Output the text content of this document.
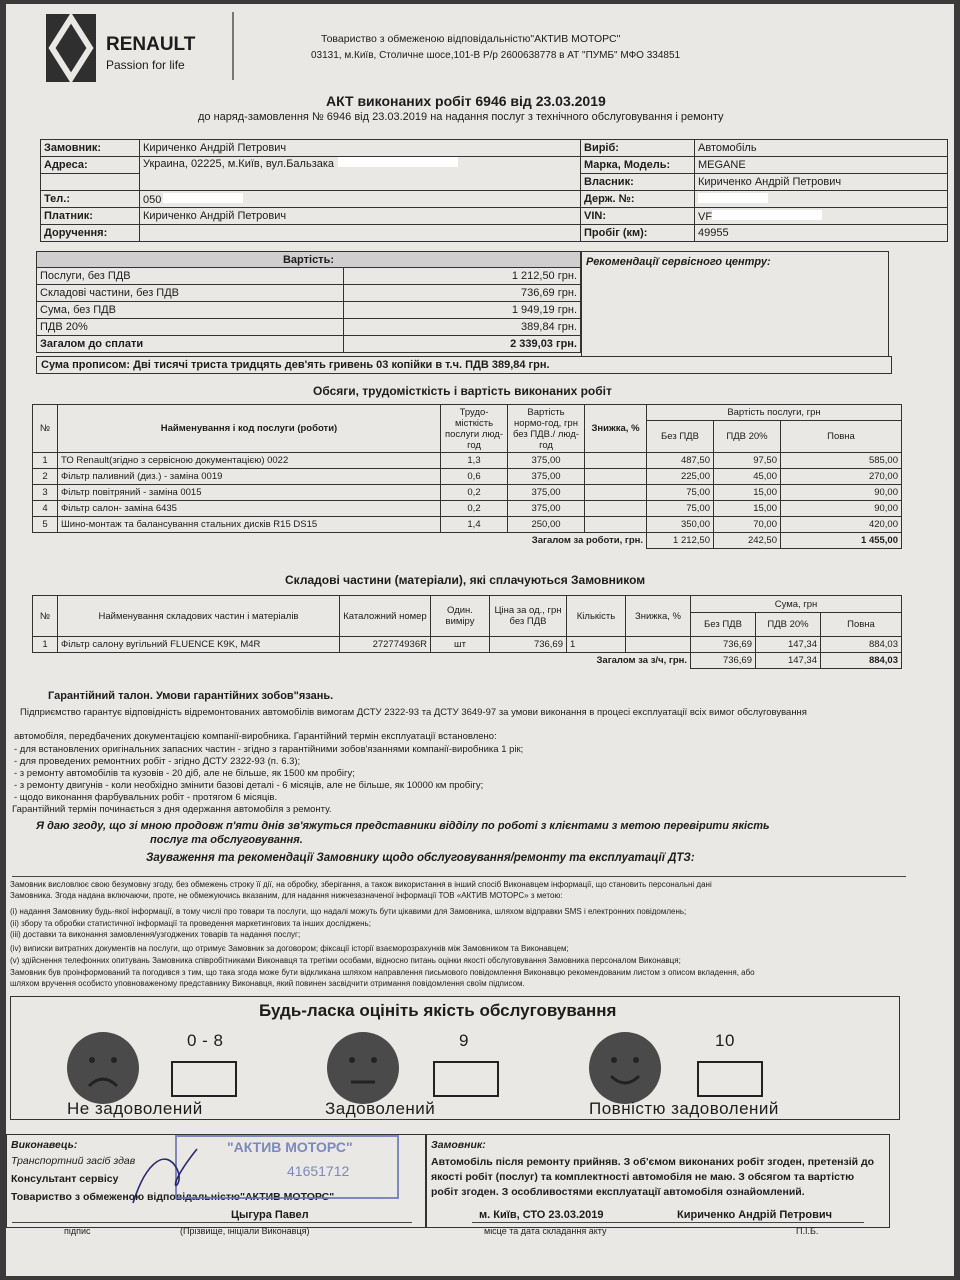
RENAULT
Passion for life
Товариство з обмеженою відповідальністю"АКТИВ МОТОРС"
03131, м.Київ, Столичне шосе,101-В Р/р 2600638778 в АТ "ПУМБ" МФО 334851
АКТ виконаних робіт 6946 від 23.03.2019
до наряд-замовлення № 6946 від 23.03.2019 на надання послуг з технічного обслуговування і ремонту
Замовник:	Кириченко Андрій Петрович	Виріб:	Автомобіль
Адреса:	Украина, 02225, м.Київ, вул.Бальзака	Марка, Модель:	MEGANE
		Власник:	Кириченко Андрій Петрович
Тел.:	050	Держ. №:	
Платник:	Кириченко Андрій Петрович	VIN:	VF
Доручення:		Пробіг (км):	49955
Вартість:	
Послуги, без ПДВ	1 212,50 грн.
Складові частини, без ПДВ	736,69 грн.
Сума, без ПДВ	1 949,19 грн.
ПДВ 20%	389,84 грн.
Загалом до сплати	2 339,03 грн.
Рекомендації сервісного центру:
Сума прописом: Дві тисячі триста тридцять дев'ять гривень 03 копійки в т.ч. ПДВ 389,84 грн.
Обсяги, трудомісткість і вартість виконаних робіт
№	Найменування і код послуги (роботи)	Трудо-місткість послуги люд-год	Вартість нормо-год, грн без ПДВ./ люд-год	Знижка, %	Вартість послуги, грн		
					Без ПДВ	ПДВ 20%	Повна

1	ТО Renault(згідно з сервісною документацією) 0022	1,3	375,00		487,50	97,50	585,00
2	Фільтр паливний (диз.) - заміна 0019	0,6	375,00		225,00	45,00	270,00
3	Фільтр повітряний - заміна 0015	0,2	375,00		75,00	15,00	90,00
4	Фільтр салон- заміна 6435	0,2	375,00		75,00	15,00	90,00
5	Шино-монтаж та балансування стальних дисків R15 DS15	1,4	250,00		350,00	70,00	420,00
Загалом за роботи, грн.					1 212,50	242,50	1 455,00
Складові частини (матеріали), які сплачуються Замовником
№	Найменування складових частин і матеріалів	Каталожний номер	Один. виміру	Ціна за од., грн без ПДВ	Кількість	Знижка, %	Сума, грн		
							Без ПДВ	ПДВ 20%	Повна
1	Фільтр салону вугільний FLUENCE K9K, M4R	272774936R	шт	736,69	1		736,69	147,34	884,03
Загалом за з/ч, грн.							736,69	147,34	884,03
Гарантійний талон. Умови гарантійних зобов"язань.
Підприємство гарантує відповідність відремонтованих автомобілів вимогам ДСТУ 2322-93 та ДСТУ 3649-97 за умови виконання в процесі експлуатації всіх вимог обслуговування
автомобіля, передбачених документацією компанії-виробника. Гарантійний термін експлуатації встановлено:
- для встановлених оригінальних запасних частин - згідно з гарантійними зобов'язаннями компанії-виробника 1 рік;
- для проведених ремонтних робіт - згідно ДСТУ 2322-93 (п. 6.3);
- з ремонту автомобілів та кузовів - 20 діб, але не більше, як 1500 км пробігу;
- з ремонту двигунів - коли необхідно змінити базові деталі - 6 місяців, але не більше, як 10000 км пробігу;
- щодо виконання фарбувальних робіт - протягом 6 місяців.
Гарантійний термін починається з дня одержання автомобіля з ремонту.
Я даю згоду, що зі мною продовж п'яти днів зв'яжуться представники відділу по роботі з клієнтами з метою перевірити якість
послуг та обслуговування.
Зауваження та рекомендації Замовнику щодо обслуговування/ремонту та експлуатації ДТЗ:
Замовник висловлює свою безумовну згоду, без обмежень строку її дії, на обробку, зберігання, а також використання в інший спосіб Виконавцем інформації, що становить персональні дані
Замовника. Згода надана включаючи, проте, не обмежуючись вказаним, для надання нижчезазначеної інформації ТОВ «АКТИВ МОТОРС» з метою:
(i) надання Замовнику будь-якої інформації, в тому числі про товари та послуги, що надалі можуть бути цікавими для Замовника, шляхом відправки SMS і електронних повідомлень;
(ii) збору та обробки статистичної інформації та проведення маркетингових та інших досліджень;
(iii) доставки та виконання замовлення/узгоджених товарів та надання послуг;
(iv) виписки витратних документів на послуги, що отримує Замовник за договором; фіксації історії взаєморозрахунків між Замовником та Виконавцем;
(v) здійснення телефонних опитувань Замовника співробітниками Виконавця та третіми особами, відносно питань оцінки якості обслуговування Замовника персоналом Виконавця;
Замовник був проінформований та погодився з тим, що така згода може бути відкликана шляхом направлення письмового повідомлення Виконавцю рекомендованим листом з описом вкладення, або
шляхом вручення особисто уповноваженому представнику Виконавця, який повинен засвідчити отримання повідомлення своїм підписом.
Будь-ласка оцініть якість обслуговування
0 - 8
Не задоволений
9
Задоволений
10
Повністю задоволений
Виконавець:
Транспортний засіб здав
Консультант сервісу
Товариство з обмеженою відповідальністю"АКТИВ МОТОРС"
"АКТИВ МОТОРС"
41651712
Цыгура Павел
підпис	(Прізвище, ініціали Виконавця)
Замовник:
Автомобіль після ремонту прийняв. З об'ємом виконаних робіт згоден, претензій до якості робіт (послуг) та комплектності автомобіля не маю. З обсягом та вартістю робіт згоден. З особливостями експлуатації автомобіля ознайомлений.
м. Київ, СТО 23.03.2019	Кириченко Андрій Петрович
місце та дата складання акту	П.І.Б.
